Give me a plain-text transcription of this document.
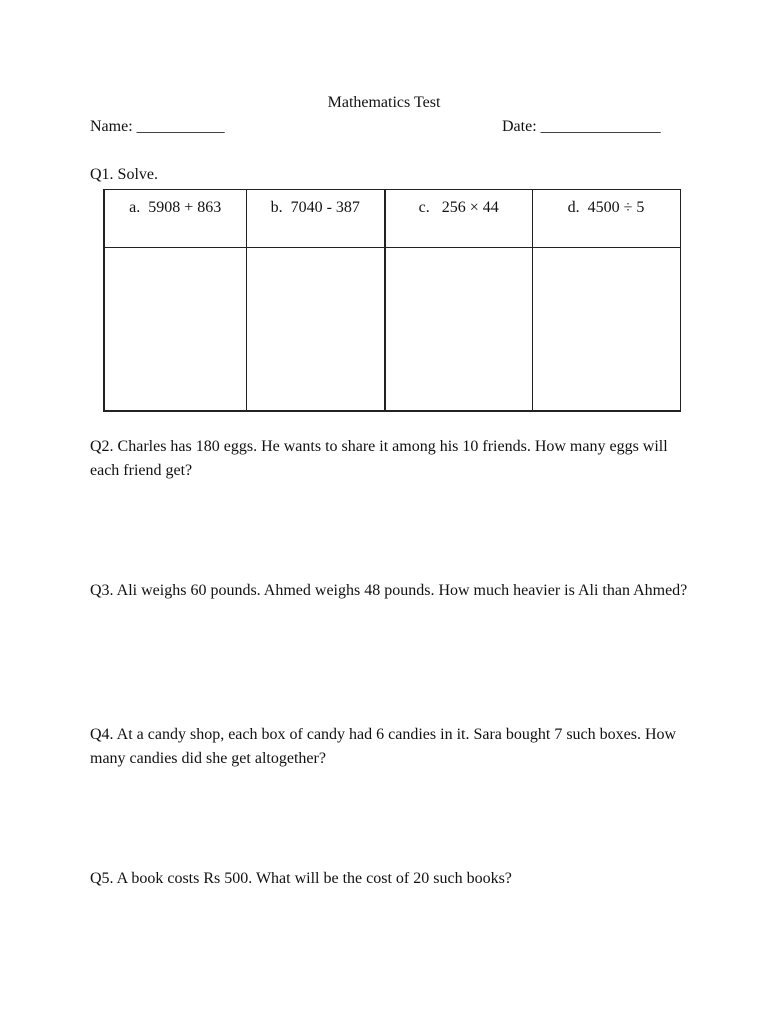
Mathematics Test
Name: ___________	Date: _______________
Q1. Solve.
a. 5908 + 863	b. 7040 - 387	c. 256 × 44	d. 4500 ÷ 5

Q2. Charles has 180 eggs. He wants to share it among his 10 friends. How many eggs will each friend get?
Q3. Ali weighs 60 pounds. Ahmed weighs 48 pounds. How much heavier is Ali than Ahmed?
Q4. At a candy shop, each box of candy had 6 candies in it. Sara bought 7 such boxes. How many candies did she get altogether?
Q5. A book costs Rs 500. What will be the cost of 20 such books?
